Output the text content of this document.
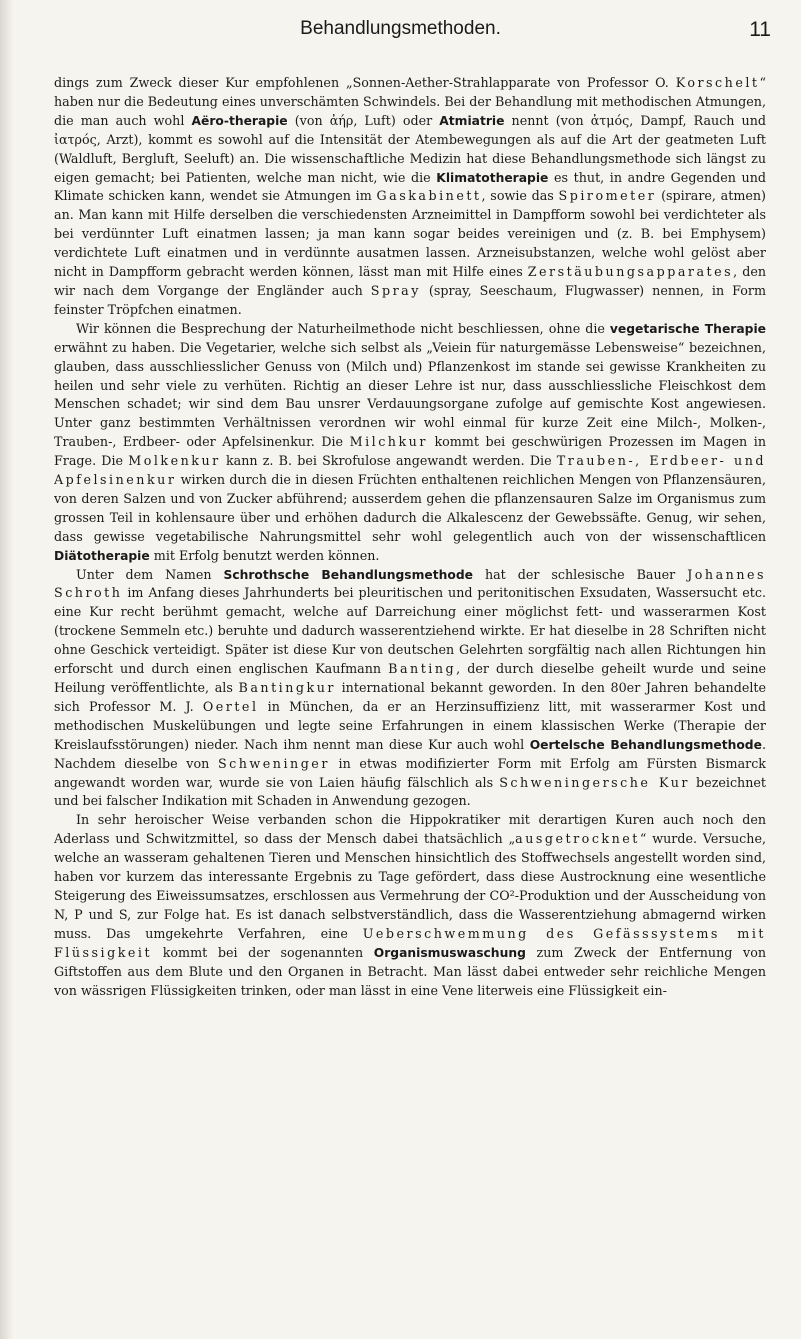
Behandlungsmethoden.	11

dings zum Zweck dieser Kur empfohlenen „Sonnen-Aether-Strahlapparate von Professor O. Korschelt“ haben nur die Bedeutung eines unverschämten Schwindels. Bei der Behandlung mit methodischen Atmungen, die man auch wohl Aëro-therapie (von ἀήρ, Luft) oder Atmiatrie nennt (von ἀτμός, Dampf, Rauch und ἰατρός, Arzt), kommt es sowohl auf die Intensität der Atembewegungen als auf die Art der geatmeten Luft (Waldluft, Bergluft, Seeluft) an. Die wissenschaftliche Medizin hat diese Behandlungsmethode sich längst zu eigen gemacht; bei Patienten, welche man nicht, wie die Klimatotherapie es thut, in andre Gegenden und Klimate schicken kann, wendet sie Atmungen im Gaskabinett, sowie das Spirometer (spirare, atmen) an. Man kann mit Hilfe derselben die verschiedensten Arzneimittel in Dampfform sowohl bei verdichteter als bei verdünnter Luft einatmen lassen; ja man kann sogar beides vereinigen und (z. B. bei Emphysem) verdichtete Luft einatmen und in verdünnte ausatmen lassen. Arzneisubstanzen, welche wohl gelöst aber nicht in Dampfform gebracht werden können, lässt man mit Hilfe eines Zerstäubungsapparates, den wir nach dem Vorgange der Engländer auch Spray (spray, Seeschaum, Flugwasser) nennen, in Form feinster Tröpfchen einatmen.

Wir können die Besprechung der Naturheilmethode nicht beschliessen, ohne die vegetarische Therapie erwähnt zu haben. Die Vegetarier, welche sich selbst als „Veiein für naturgemässe Lebensweise“ bezeichnen, glauben, dass ausschliesslicher Genuss von (Milch und) Pflanzenkost im stande sei gewisse Krankheiten zu heilen und sehr viele zu verhüten. Richtig an dieser Lehre ist nur, dass ausschliessliche Fleischkost dem Menschen schadet; wir sind dem Bau unsrer Verdauungsorgane zufolge auf gemischte Kost angewiesen. Unter ganz bestimmten Verhältnissen verordnen wir wohl einmal für kurze Zeit eine Milch-, Molken-, Trauben-, Erdbeer- oder Apfelsinenkur. Die Milchkur kommt bei geschwürigen Prozessen im Magen in Frage. Die Molkenkur kann z. B. bei Skrofulose angewandt werden. Die Trauben-, Erdbeer- und Apfelsinenkur wirken durch die in diesen Früchten enthaltenen reichlichen Mengen von Pflanzensäuren, von deren Salzen und von Zucker abführend; ausserdem gehen die pflanzensauren Salze im Organismus zum grossen Teil in kohlensaure über und erhöhen dadurch die Alkalescenz der Gewebssäfte. Genug, wir sehen, dass gewisse vegetabilische Nahrungsmittel sehr wohl gelegentlich auch von der wissenschaftlicen Diätotherapie mit Erfolg benutzt werden können.

Unter dem Namen Schrothsche Behandlungsmethode hat der schlesische Bauer Johannes Schroth im Anfang dieses Jahrhunderts bei pleuritischen und peritonitischen Exsudaten, Wassersucht etc. eine Kur recht berühmt gemacht, welche auf Darreichung einer möglichst fett- und wasserarmen Kost (trockene Semmeln etc.) beruhte und dadurch wasserentziehend wirkte. Er hat dieselbe in 28 Schriften nicht ohne Geschick verteidigt. Später ist diese Kur von deutschen Gelehrten sorgfältig nach allen Richtungen hin erforscht und durch einen englischen Kaufmann Banting, der durch dieselbe geheilt wurde und seine Heilung veröffentlichte, als Bantingkur international bekannt geworden. In den 80er Jahren behandelte sich Professor M. J. Oertel in München, da er an Herzinsuffizienz litt, mit wasserarmer Kost und methodischen Muskelübungen und legte seine Erfahrungen in einem klassischen Werke (Therapie der Kreislaufsstörungen) nieder. Nach ihm nennt man diese Kur auch wohl Oertelsche Behandlungsmethode. Nachdem dieselbe von Schweninger in etwas modifizierter Form mit Erfolg am Fürsten Bismarck angewandt worden war, wurde sie von Laien häufig fälschlich als Schweningersche Kur bezeichnet und bei falscher Indikation mit Schaden in Anwendung gezogen.

In sehr heroischer Weise verbanden schon die Hippokratiker mit derartigen Kuren auch noch den Aderlass und Schwitzmittel, so dass der Mensch dabei thatsächlich „ausgetrocknet“ wurde. Versuche, welche an wasseram gehaltenen Tieren und Menschen hinsichtlich des Stoffwechsels angestellt worden sind, haben vor kurzem das interessante Ergebnis zu Tage gefördert, dass diese Austrocknung eine wesentliche Steigerung des Eiweissumsatzes, erschlossen aus Vermehrung der CO²-Produktion und der Ausscheidung von N, P und S, zur Folge hat. Es ist danach selbstverständlich, dass die Wasserentziehung abmagernd wirken muss. Das umgekehrte Verfahren, eine Ueberschwemmung des Gefässsystems mit Flüssigkeit kommt bei der sogenannten Organismuswaschung zum Zweck der Entfernung von Giftstoffen aus dem Blute und den Organen in Betracht. Man lässt dabei entweder sehr reichliche Mengen von wässrigen Flüssigkeiten trinken, oder man lässt in eine Vene literweis eine Flüssigkeit ein-
